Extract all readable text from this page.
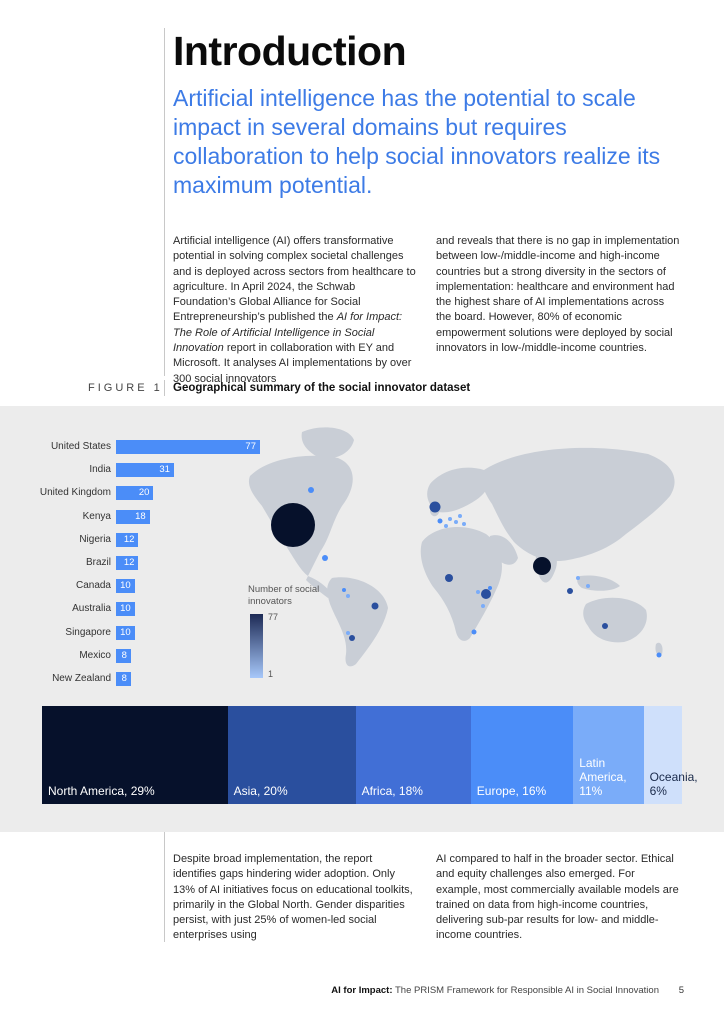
Introduction

Artificial intelligence has the potential to scale impact in several domains but requires collaboration to help social innovators realize its maximum potential.

Artificial intelligence (AI) offers transformative potential in solving complex societal challenges and is deployed across sectors from healthcare to agriculture. In April 2024, the Schwab Foundation’s Global Alliance for Social Entrepreneurship’s published the AI for Impact: The Role of Artificial Intelligence in Social Innovation report in collaboration with EY and Microsoft. It analyses AI implementations by over 300 social innovators

and reveals that there is no gap in implementation between low-/middle-income and high-income countries but a strong diversity in the sectors of implementation: healthcare and environment had the highest share of AI implementations across the board. However, 80% of economic empowerment solutions were deployed by social innovators in low-/middle-income countries.

FIGURE 1 Geographical summary of the social innovator dataset
United States	77
India	31
United Kingdom	20
Kenya	18
Nigeria 12
Brazil 12
Canada 10
Australia 10
Singapore 10
Mexico 8
New Zealand 8
Number of social innovators
77
1
North America, 29%	Asia, 20%	Africa, 18%	Europe, 16%
Latin America, 11%
Oceania, 6%

Despite broad implementation, the report identifies gaps hindering wider adoption. Only 13% of AI initiatives focus on educational toolkits, primarily in the Global North. Gender disparities persist, with just 25% of women-led social enterprises using

AI compared to half in the broader sector. Ethical and equity challenges also emerged. For example, most commercially available models are trained on data from high-income countries, delivering sub-par results for low- and middle-income countries.

AI for Impact: The PRISM Framework for Responsible AI in Social Innovation 5
